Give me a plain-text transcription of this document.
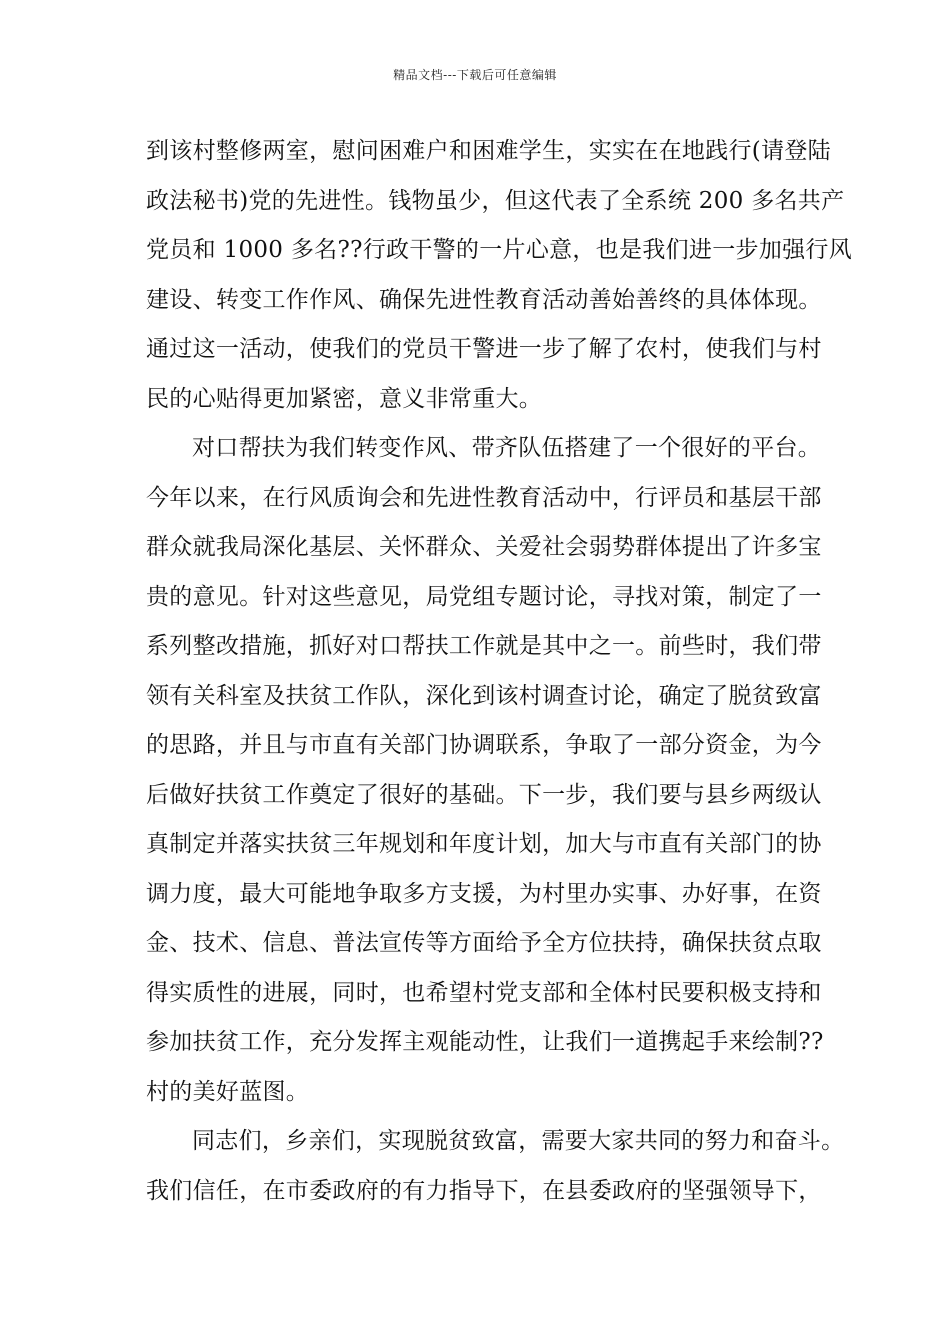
精品文档---下载后可任意编辑
到该村整修两室，慰问困难户和困难学生，实实在在地践行(请登陆
政法秘书)党的先进性。钱物虽少，但这代表了全系统 200 多名共产
党员和 1000 多名??行政干警的一片心意，也是我们进一步加强行风
建设、转变工作作风、确保先进性教育活动善始善终的具体体现。
通过这一活动，使我们的党员干警进一步了解了农村，使我们与村
民的心贴得更加紧密，意义非常重大。
对口帮扶为我们转变作风、带齐队伍搭建了一个很好的平台。
今年以来，在行风质询会和先进性教育活动中，行评员和基层干部
群众就我局深化基层、关怀群众、关爱社会弱势群体提出了许多宝
贵的意见。针对这些意见，局党组专题讨论，寻找对策，制定了一
系列整改措施，抓好对口帮扶工作就是其中之一。前些时，我们带
领有关科室及扶贫工作队，深化到该村调查讨论，确定了脱贫致富
的思路，并且与市直有关部门协调联系，争取了一部分资金，为今
后做好扶贫工作奠定了很好的基础。下一步，我们要与县乡两级认
真制定并落实扶贫三年规划和年度计划，加大与市直有关部门的协
调力度，最大可能地争取多方支援，为村里办实事、办好事，在资
金、技术、信息、普法宣传等方面给予全方位扶持，确保扶贫点取
得实质性的进展，同时，也希望村党支部和全体村民要积极支持和
参加扶贫工作，充分发挥主观能动性，让我们一道携起手来绘制??
村的美好蓝图。
同志们，乡亲们，实现脱贫致富，需要大家共同的努力和奋斗。
我们信任，在市委政府的有力指导下，在县委政府的坚强领导下，
